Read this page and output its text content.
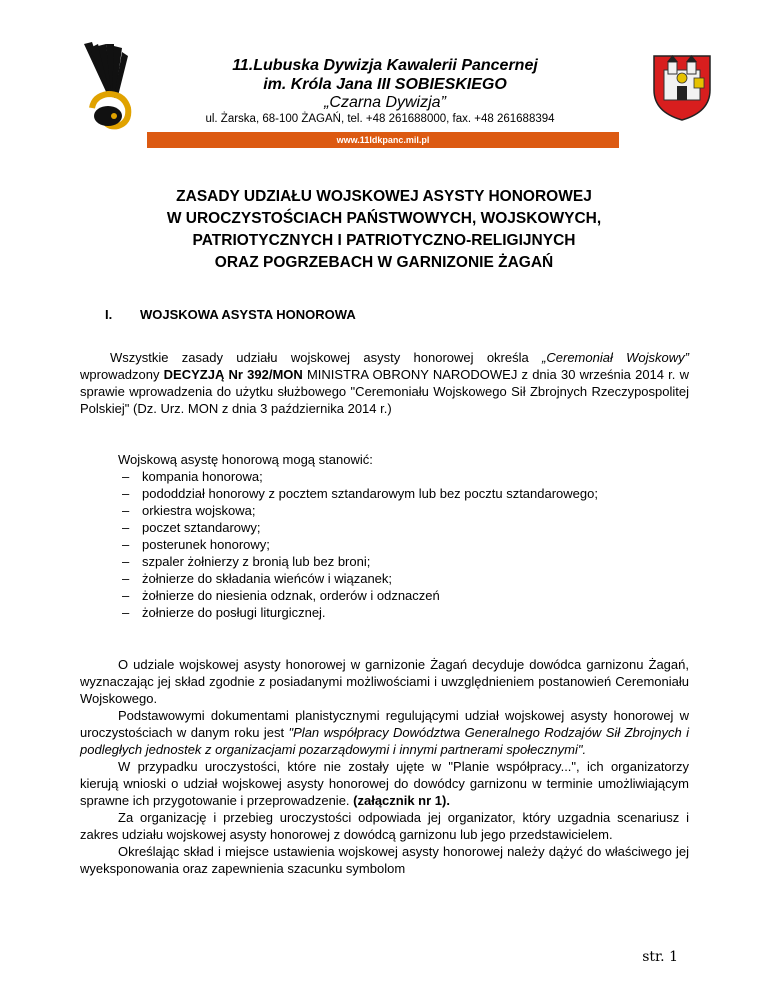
11.Lubuska Dywizja Kawalerii Pancernej
im. Króla Jana III SOBIESKIEGO
„Czarna Dywizja”
ul. Żarska, 68-100 ŻAGAŃ, tel. +48 261688000, fax. +48 261688394
www.11ldkpanc.mil.pl
ZASADY UDZIAŁU WOJSKOWEJ ASYSTY HONOROWEJ
W UROCZYSTOŚCIACH PAŃSTWOWYCH, WOJSKOWYCH,
PATRIOTYCZNYCH I PATRIOTYCZNO-RELIGIJNYCH
ORAZ POGRZEBACH W GARNIZONIE ŻAGAŃ
I. WOJSKOWA ASYSTA HONOROWA
Wszystkie zasady udziału wojskowej asysty honorowej określa „Ceremoniał Wojskowy” wprowadzony DECYZJĄ Nr 392/MON MINISTRA OBRONY NARODOWEJ z dnia 30 września 2014 r. w sprawie wprowadzenia do użytku służbowego "Ceremoniału Wojskowego Sił Zbrojnych Rzeczypospolitej Polskiej" (Dz. Urz. MON z dnia 3 października 2014 r.)
Wojskową asystę honorową mogą stanowić:
– kompania honorowa;
– pododdział honorowy z pocztem sztandarowym lub bez pocztu sztandarowego;
– orkiestra wojskowa;
– poczet sztandarowy;
– posterunek honorowy;
– szpaler żołnierzy z bronią lub bez broni;
– żołnierze do składania wieńców i wiązanek;
– żołnierze do niesienia odznak, orderów i odznaczeń
– żołnierze do posługi liturgicznej.
O udziale wojskowej asysty honorowej w garnizonie Żagań decyduje dowódca garnizonu Żagań, wyznaczając jej skład zgodnie z posiadanymi możliwościami i uwzględnieniem postanowień Ceremoniału Wojskowego.
Podstawowymi dokumentami planistycznymi regulującymi udział wojskowej asysty honorowej w uroczystościach w danym roku jest "Plan współpracy Dowództwa Generalnego Rodzajów Sił Zbrojnych i podległych jednostek z organizacjami pozarządowymi i innymi partnerami społecznymi".
W przypadku uroczystości, które nie zostały ujęte w "Planie współpracy...", ich organizatorzy kierują wnioski o udział wojskowej asysty honorowej do dowódcy garnizonu w terminie umożliwiającym sprawne ich przygotowanie i przeprowadzenie. (załącznik nr 1).
Za organizację i przebieg uroczystości odpowiada jej organizator, który uzgadnia scenariusz i zakres udziału wojskowej asysty honorowej z dowódcą garnizonu lub jego przedstawicielem.
Określając skład i miejsce ustawienia wojskowej asysty honorowej należy dążyć do właściwego jej wyeksponowania oraz zapewnienia szacunku symbolom
str. 1
